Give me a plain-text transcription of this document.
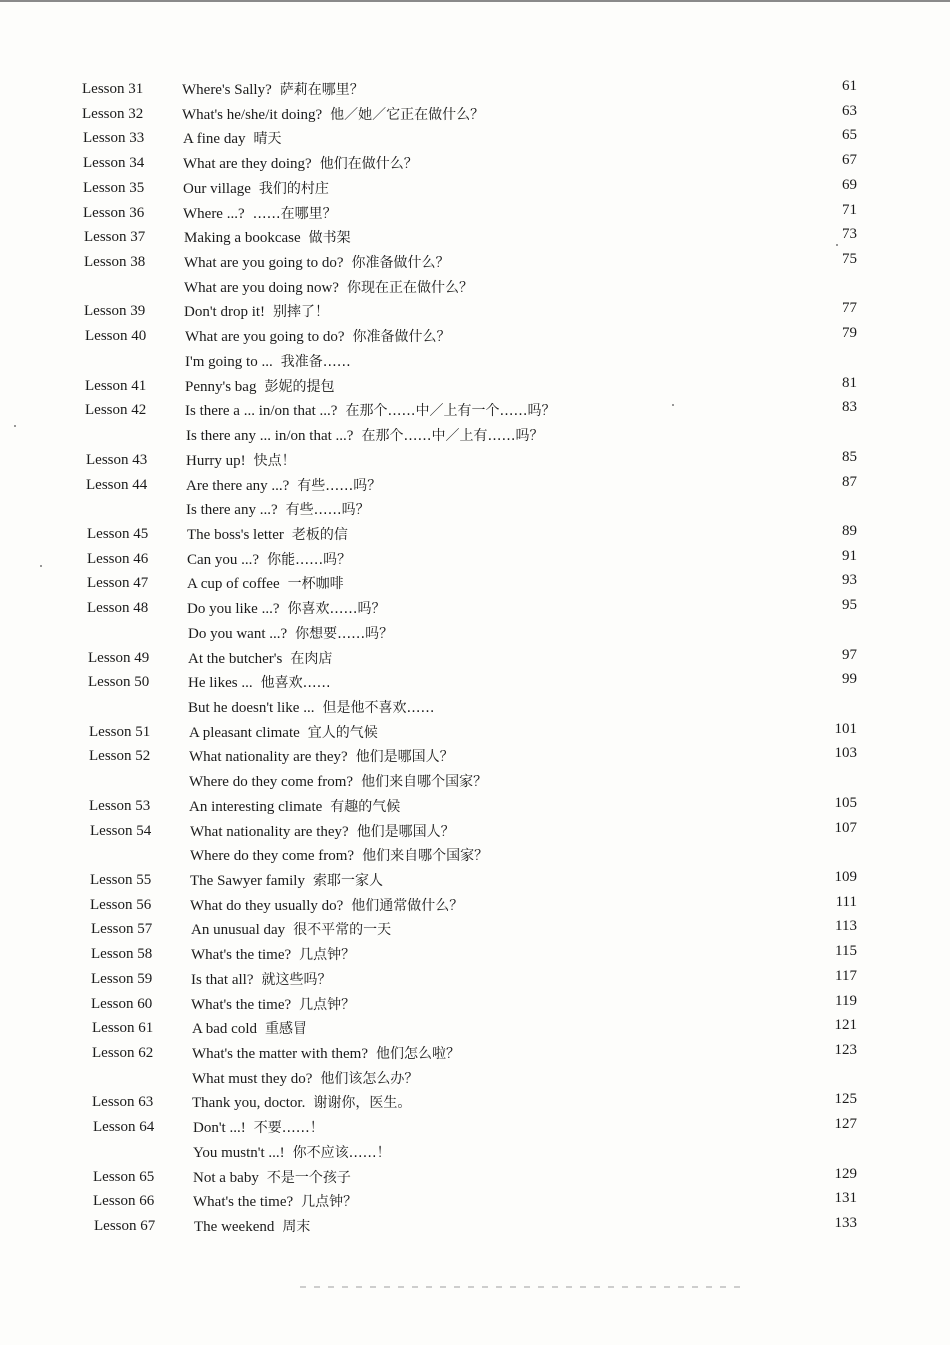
Lesson 31	Where's Sally? 萨莉在哪里？	61
Lesson 32	What's he/she/it doing? 他／她／它正在做什么？	63
Lesson 33	A fine day 晴天	65
Lesson 34	What are they doing? 他们在做什么？	67
Lesson 35	Our village 我们的村庄	69
Lesson 36	Where ...? ……在哪里？	71
Lesson 37	Making a bookcase 做书架	73
Lesson 38	What are you going to do? 你准备做什么？	75
What are you doing now? 你现在正在做什么？
Lesson 39	Don't drop it! 别摔了！	77
Lesson 40	What are you going to do? 你准备做什么？	79
I'm going to ... 我准备……
Lesson 41	Penny's bag 彭妮的提包	81
Lesson 42	Is there a ... in/on that ...? 在那个……中／上有一个……吗？	83
Is there any ... in/on that ...? 在那个……中／上有……吗？
Lesson 43	Hurry up! 快点！	85
Lesson 44	Are there any ...? 有些……吗？	87
Is there any ...? 有些……吗？
Lesson 45	The boss's letter 老板的信	89
Lesson 46	Can you ...? 你能……吗？	91
Lesson 47	A cup of coffee 一杯咖啡	93
Lesson 48	Do you like ...? 你喜欢……吗？	95
Do you want ...? 你想要……吗？
Lesson 49	At the butcher's 在肉店	97
Lesson 50	He likes ... 他喜欢……	99
But he doesn't like ... 但是他不喜欢……
Lesson 51	A pleasant climate 宜人的气候	101
Lesson 52	What nationality are they? 他们是哪国人？	103
Where do they come from? 他们来自哪个国家？
Lesson 53	An interesting climate 有趣的气候	105
Lesson 54	What nationality are they? 他们是哪国人？	107
Where do they come from? 他们来自哪个国家？
Lesson 55	The Sawyer family 索耶一家人	109
Lesson 56	What do they usually do? 他们通常做什么？	111
Lesson 57	An unusual day 很不平常的一天	113
Lesson 58	What's the time? 几点钟？	115
Lesson 59	Is that all? 就这些吗？	117
Lesson 60	What's the time? 几点钟？	119
Lesson 61	A bad cold 重感冒	121
Lesson 62	What's the matter with them? 他们怎么啦？	123
What must they do? 他们该怎么办？
Lesson 63	Thank you, doctor. 谢谢你，医生。	125
Lesson 64	Don't ...! 不要……！	127
You mustn't ...! 你不应该……！
Lesson 65	Not a baby 不是一个孩子	129
Lesson 66	What's the time? 几点钟？	131
Lesson 67	The weekend 周末	133
